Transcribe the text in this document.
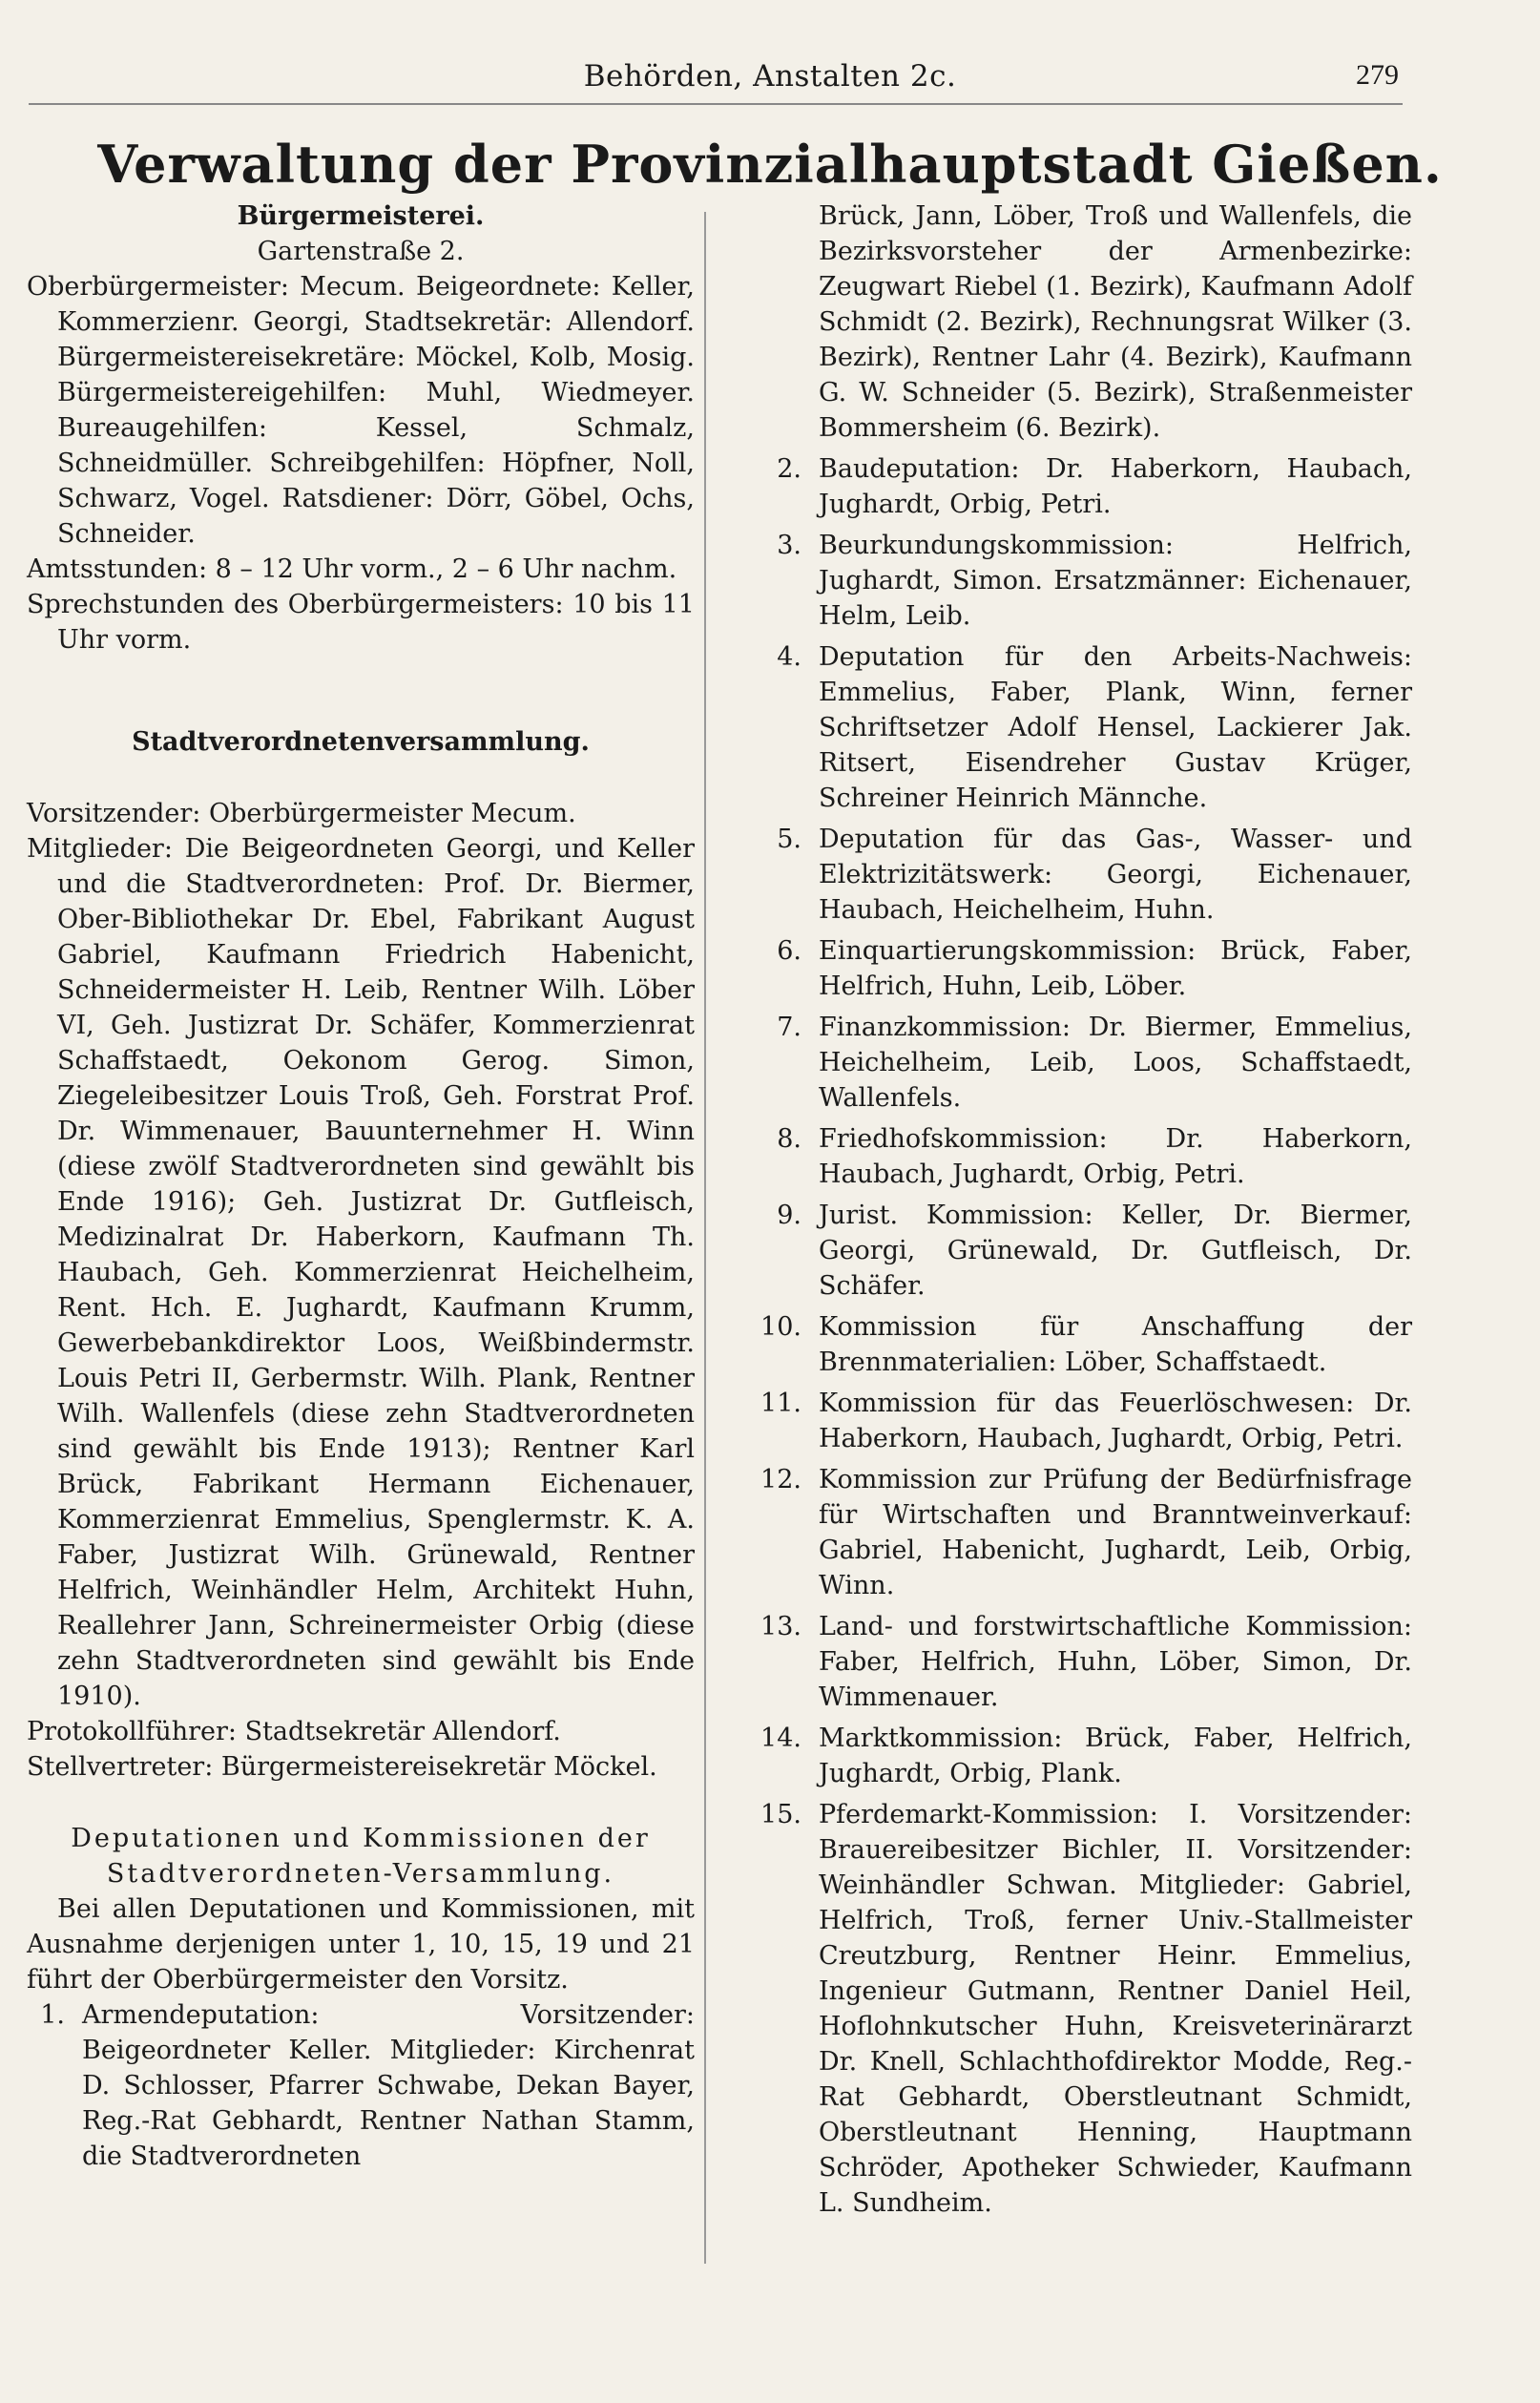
Behörden, Anstalten 2c.	279
Verwaltung der Provinzialhauptstadt Gießen.

Bürgermeisterei.

Gartenstraße 2.

Oberbürgermeister: Mecum. Beigeordnete: Keller, Kommerzienr. Georgi, Stadtsekretär: Allendorf. Bürgermeistereisekretäre: Möckel, Kolb, Mosig. Bürgermeistereigehilfen: Muhl, Wiedmeyer. Bureaugehilfen: Kessel, Schmalz, Schneidmüller. Schreibgehilfen: Höpfner, Noll, Schwarz, Vogel. Ratsdiener: Dörr, Göbel, Ochs, Schneider.

Amtsstunden: 8 – 12 Uhr vorm., 2 – 6 Uhr nachm.

Sprechstunden des Oberbürgermeisters: 10 bis 11 Uhr vorm.

Stadtverordnetenversammlung.

Vorsitzender: Oberbürgermeister Mecum.

Mitglieder: Die Beigeordneten Georgi, und Keller und die Stadtverordneten: Prof. Dr. Biermer, Ober-Bibliothekar Dr. Ebel, Fabrikant August Gabriel, Kaufmann Friedrich Habenicht, Schneidermeister H. Leib, Rentner Wilh. Löber VI, Geh. Justizrat Dr. Schäfer, Kommerzienrat Schaffstaedt, Oekonom Gerog. Simon, Ziegeleibesitzer Louis Troß, Geh. Forstrat Prof. Dr. Wimmenauer, Bauunternehmer H. Winn (diese zwölf Stadtverordneten sind gewählt bis Ende 1916); Geh. Justizrat Dr. Gutfleisch, Medizinalrat Dr. Haberkorn, Kaufmann Th. Haubach, Geh. Kommerzienrat Heichelheim, Rent. Hch. E. Jughardt, Kaufmann Krumm, Gewerbebankdirektor Loos, Weißbindermstr. Louis Petri II, Gerbermstr. Wilh. Plank, Rentner Wilh. Wallenfels (diese zehn Stadtverordneten sind gewählt bis Ende 1913); Rentner Karl Brück, Fabrikant Hermann Eichenauer, Kommerzienrat Emmelius, Spenglermstr. K. A. Faber, Justizrat Wilh. Grünewald, Rentner Helfrich, Weinhändler Helm, Architekt Huhn, Reallehrer Jann, Schreinermeister Orbig (diese zehn Stadtverordneten sind gewählt bis Ende 1910).

Protokollführer: Stadtsekretär Allendorf.

Stellvertreter: Bürgermeistereisekretär Möckel.

Deputationen und Kommissionen der Stadtverordneten-Versammlung.

Bei allen Deputationen und Kommissionen, mit Ausnahme derjenigen unter 1, 10, 15, 19 und 21 führt der Oberbürgermeister den Vorsitz.

1. Armendeputation: Vorsitzender: Beigeordneter Keller. Mitglieder: Kirchenrat D. Schlosser, Pfarrer Schwabe, Dekan Bayer, Reg.-Rat Gebhardt, Rentner Nathan Stamm, die Stadtverordneten

Brück, Jann, Löber, Troß und Wallenfels, die Bezirksvorsteher der Armenbezirke: Zeugwart Riebel (1. Bezirk), Kaufmann Adolf Schmidt (2. Bezirk), Rechnungsrat Wilker (3. Bezirk), Rentner Lahr (4. Bezirk), Kaufmann G. W. Schneider (5. Bezirk), Straßenmeister Bommersheim (6. Bezirk).

2. Baudeputation: Dr. Haberkorn, Haubach, Jughardt, Orbig, Petri.

3. Beurkundungskommission: Helfrich, Jughardt, Simon. Ersatzmänner: Eichenauer, Helm, Leib.

4. Deputation für den Arbeits-Nachweis: Emmelius, Faber, Plank, Winn, ferner Schriftsetzer Adolf Hensel, Lackierer Jak. Ritsert, Eisendreher Gustav Krüger, Schreiner Heinrich Männche.

5. Deputation für das Gas-, Wasser- und Elektrizitätswerk: Georgi, Eichenauer, Haubach, Heichelheim, Huhn.

6. Einquartierungskommission: Brück, Faber, Helfrich, Huhn, Leib, Löber.

7. Finanzkommission: Dr. Biermer, Emmelius, Heichelheim, Leib, Loos, Schaffstaedt, Wallenfels.

8. Friedhofskommission: Dr. Haberkorn, Haubach, Jughardt, Orbig, Petri.

9. Jurist. Kommission: Keller, Dr. Biermer, Georgi, Grünewald, Dr. Gutfleisch, Dr. Schäfer.

10. Kommission für Anschaffung der Brennmaterialien: Löber, Schaffstaedt.

11. Kommission für das Feuerlöschwesen: Dr. Haberkorn, Haubach, Jughardt, Orbig, Petri.

12. Kommission zur Prüfung der Bedürfnisfrage für Wirtschaften und Branntweinverkauf: Gabriel, Habenicht, Jughardt, Leib, Orbig, Winn.

13. Land- und forstwirtschaftliche Kommission: Faber, Helfrich, Huhn, Löber, Simon, Dr. Wimmenauer.

14. Marktkommission: Brück, Faber, Helfrich, Jughardt, Orbig, Plank.

15. Pferdemarkt-Kommission: I. Vorsitzender: Brauereibesitzer Bichler, II. Vorsitzender: Weinhändler Schwan. Mitglieder: Gabriel, Helfrich, Troß, ferner Univ.-Stallmeister Creutzburg, Rentner Heinr. Emmelius, Ingenieur Gutmann, Rentner Daniel Heil, Hoflohnkutscher Huhn, Kreisveterinärarzt Dr. Knell, Schlachthofdirektor Modde, Reg.-Rat Gebhardt, Oberstleutnant Schmidt, Oberstleutnant Henning, Hauptmann Schröder, Apotheker Schwieder, Kaufmann L. Sundheim.
